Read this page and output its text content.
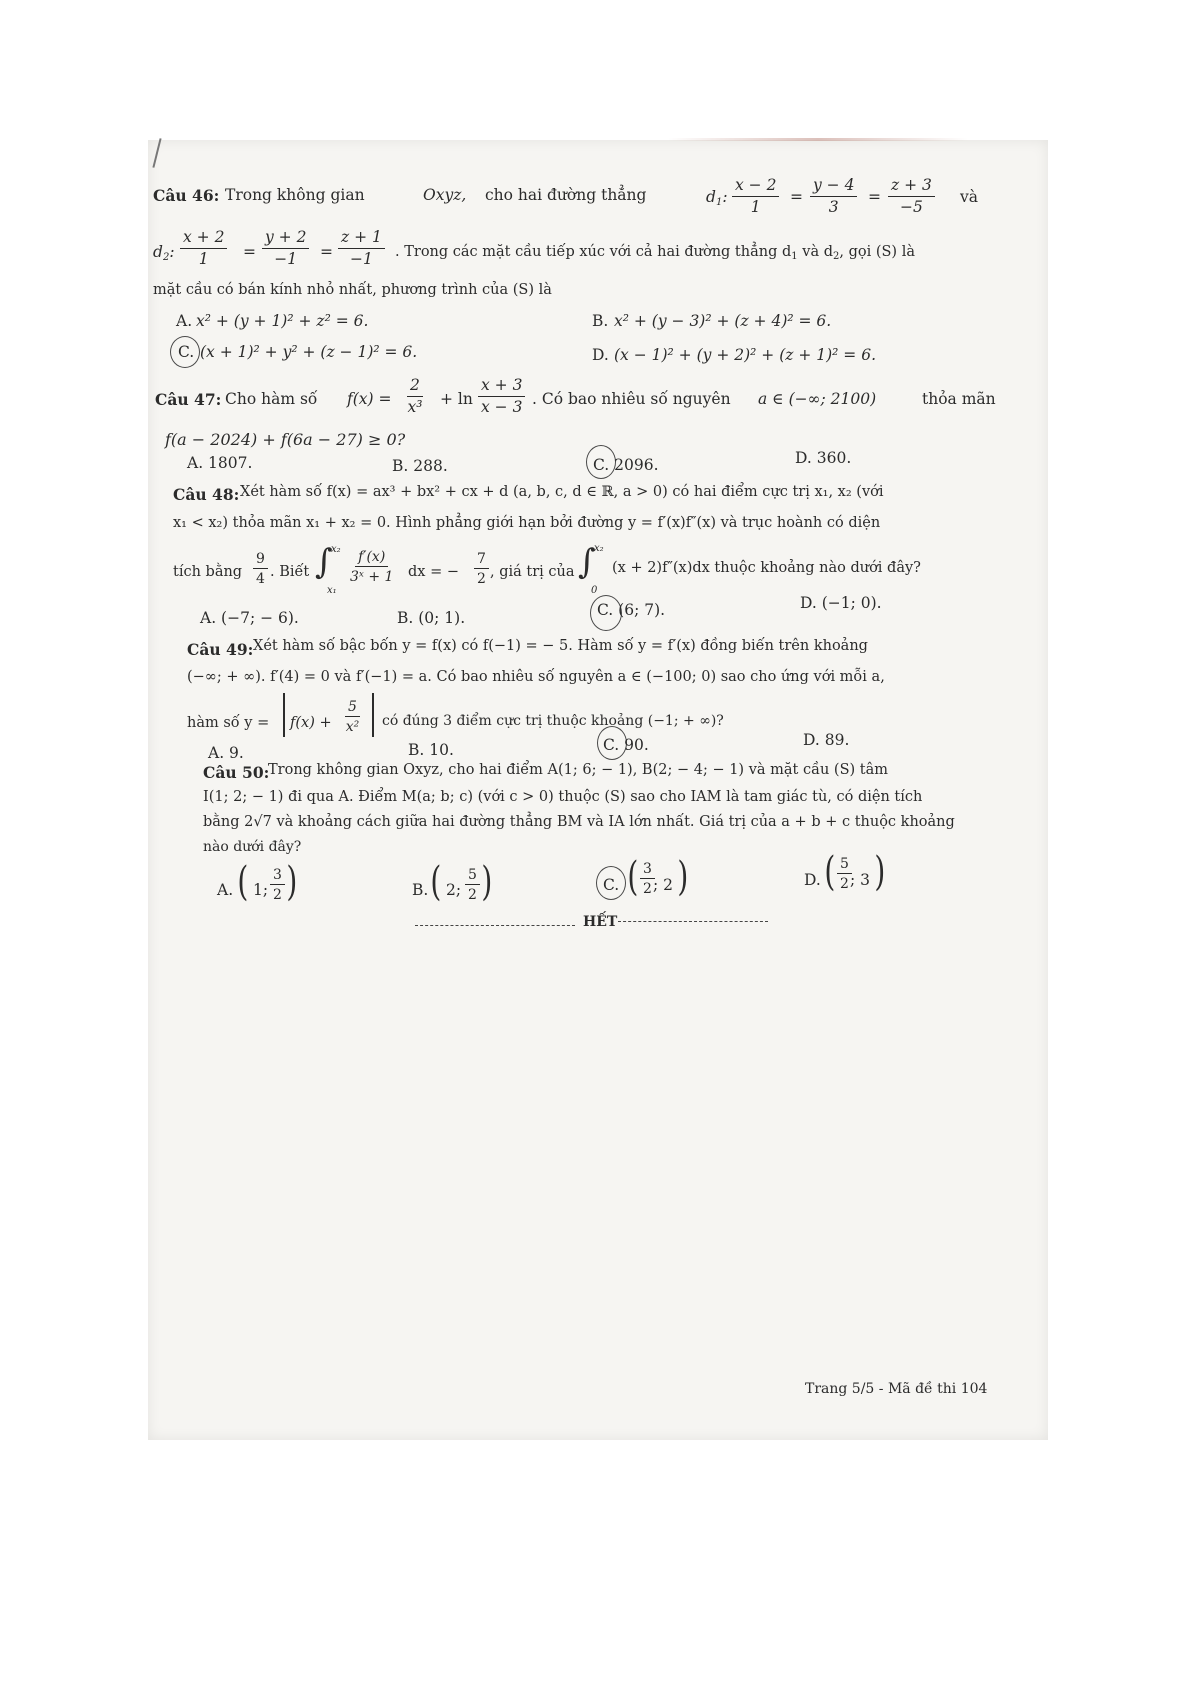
Câu 46: Trong không gian	Oxyz, cho hai đường thẳng	$d_1$: $\frac{x - 2}{1} = \frac{y - 4}{3} = \frac{z + 3}{-5}$ và
$d_2$: $\frac{x + 2}{1} = \frac{y + 2}{-1} = \frac{z + 1}{-1}$ . Trong các mặt cầu tiếp xúc với cả hai đường thẳng $d_1$ và $d_2$, gọi (S) là
mặt cầu có bán kính nhỏ nhất, phương trình của (S) là
A. x² + (y + 1)² + z² = 6.	B. x² + (y − 3)² + (z + 4)² = 6.
C. (x + 1)² + y² + (z − 1)² = 6.	D. (x − 1)² + (y + 2)² + (z + 1)² = 6.
Câu 47: Cho hàm số $f(x) = \frac{2}{\text{x³}} + \ln \frac{x + 3}{x - 3}$ . Có bao nhiêu số nguyên a ∈ (−∞; 2100)	thỏa mãn
f(a − 2024) + f(6a − 27) ≥ 0?
A. 1807.	B. 288.	C. 2096.	D. 360.
Câu 48: Xét hàm số f(x) = ax³ + bx² + cx + d (a, b, c, d ∈ ℝ, a > 0) có hai điểm cực trị x₁, x₂ (với
x₁ < x₂) thỏa mãn x₁ + x₂ = 0. Hình phẳng giới hạn bởi đường y = f′(x)f″(x) và trục hoành có diện
tích bằng $\frac{9}{4}$ . Biết ∫
x₂
x₁
$\frac{f'(x)}{\text{3ˣ + 1}}$ dx = − $\frac{7}{2}$ , giá trị của ∫
x₂
0
(x + 2)f″(x)dx thuộc khoảng nào dưới đây?
A. (−7; − 6).	B. (0; 1).	C. (6; 7).	D. (−1; 0).
Câu 49: Xét hàm số bậc bốn y = f(x) có f(−1) = − 5. Hàm số y = f′(x) đồng biến trên khoảng
(−∞; + ∞). f′(4) = 0 và f′(−1) = a. Có bao nhiêu số nguyên a ∈ (−100; 0) sao cho ứng với mỗi a,
hàm số $y = f(x) + \frac{5}{\text{x²}}$ có đúng 3 điểm cực trị thuộc khoảng (−1; + ∞)?
A. 9.	B. 10.	C. 90.	D. 89.
Câu 50:
Trong không gian Oxyz, cho hai điểm A(1; 6; − 1), B(2; − 4; − 1) và mặt cầu (S) tâm
I(1; 2; − 1) đi qua A. Điểm M(a; b; c) (với c > 0) thuộc (S) sao cho IAM là tam giác tù, có diện tích
bằng 2√7 và khoảng cách giữa hai đường thẳng BM và IA lớn nhất. Giá trị của a + b + c thuộc khoảng
nào dưới đây?
A. ( 1; $\frac{3}{2}$ )	B. ( 2; $\frac{5}{2}$ )	C. ( $\frac{3}{2}$
; 2 )	D. ( $\frac{5}{2}$
; 3 )
HẾT
Trang 5/5 - Mã đề thi 104
